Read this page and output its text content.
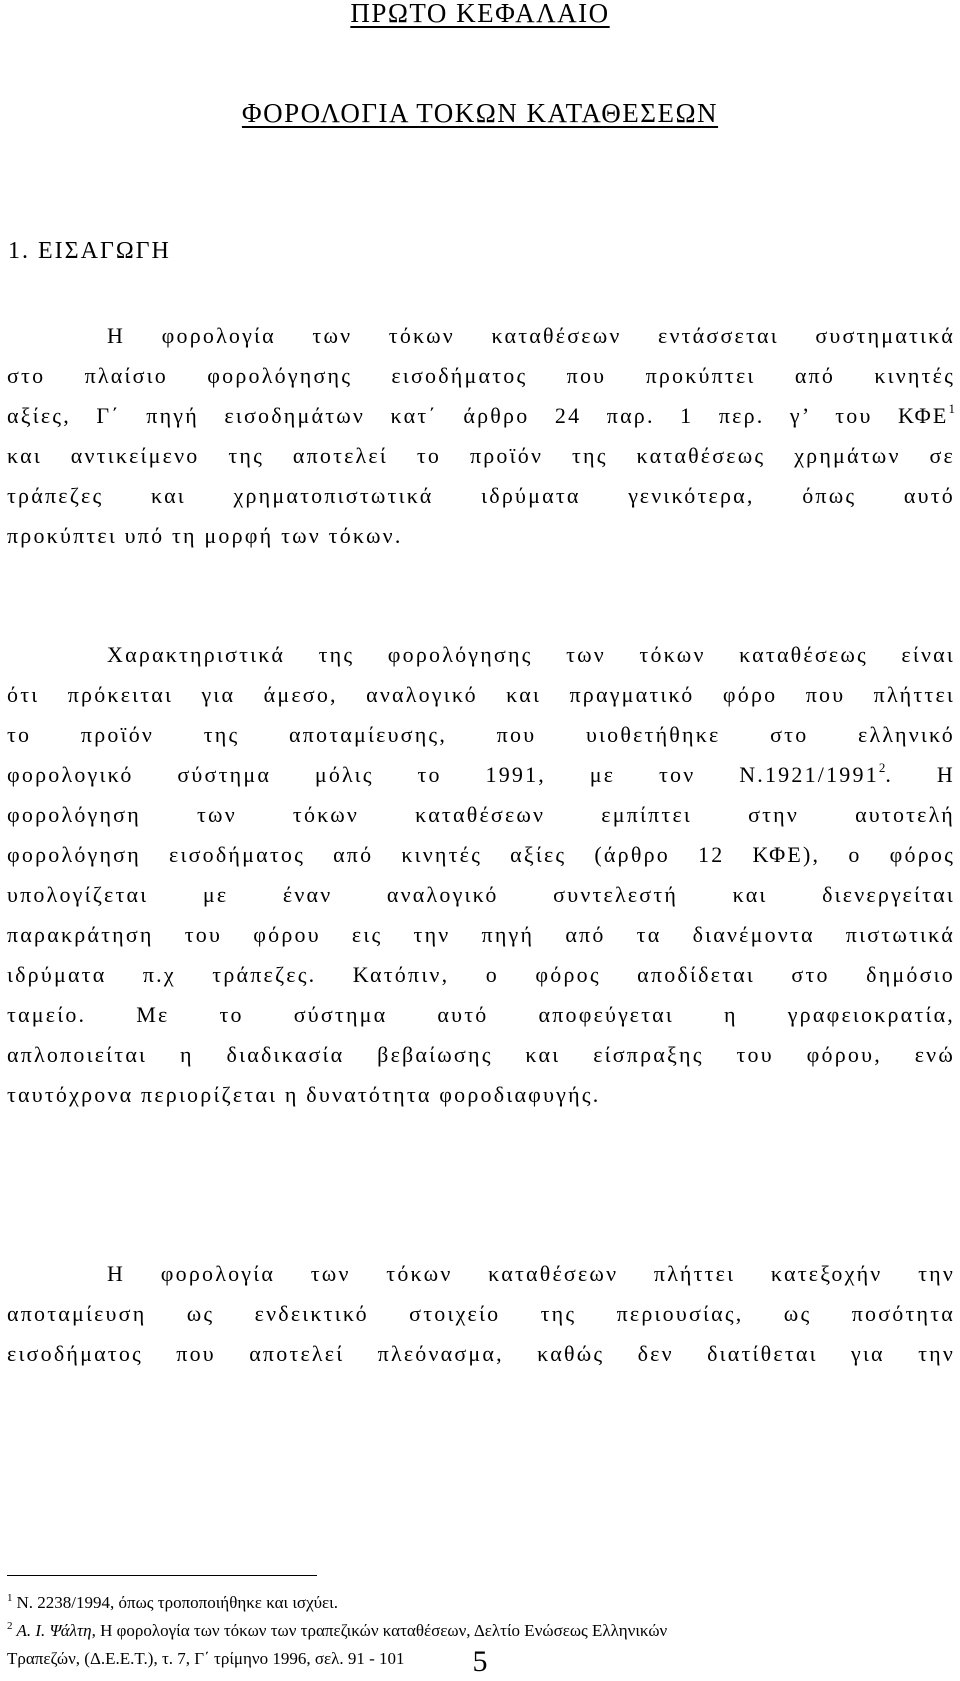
ΠΡΩΤΟ ΚΕΦΑΛΑΙΟ
ΦΟΡΟΛΟΓΙΑ ΤΟΚΩΝ ΚΑΤΑΘΕΣΕΩΝ
1. ΕΙΣΑΓΩΓΗ
Η φορολογία των τόκων καταθέσεων εντάσσεται συστηματικά
στο πλαίσιο φορολόγησης εισοδήματος που προκύπτει από κινητές
αξίες, Γ΄ πηγή εισοδημάτων κατ΄ άρθρο 24 παρ. 1 περ. γ’ του ΚΦΕ$^1$
και αντικείμενο της αποτελεί το προϊόν της καταθέσεως χρημάτων σε
τράπεζες και χρηματοπιστωτικά ιδρύματα γενικότερα, όπως αυτό
προκύπτει υπό τη μορφή των τόκων.
Χαρακτηριστικά της φορολόγησης των τόκων καταθέσεως είναι
ότι πρόκειται για άμεσο, αναλογικό και πραγματικό φόρο που πλήττει
το προϊόν της αποταμίευσης, που υιοθετήθηκε στο ελληνικό
φορολογικό σύστημα μόλις το 1991, με τον Ν.1921/1991$^2$. Η
φορολόγηση των τόκων καταθέσεων εμπίπτει στην αυτοτελή
φορολόγηση εισοδήματος από κινητές αξίες (άρθρο 12 ΚΦΕ), ο φόρος
υπολογίζεται με έναν αναλογικό συντελεστή και διενεργείται
παρακράτηση του φόρου εις την πηγή από τα διανέμοντα πιστωτικά
ιδρύματα π.χ τράπεζες. Κατόπιν, ο φόρος αποδίδεται στο δημόσιο
ταμείο. Με το σύστημα αυτό αποφεύγεται η γραφειοκρατία,
απλοποιείται η διαδικασία βεβαίωσης και είσπραξης του φόρου, ενώ
ταυτόχρονα περιορίζεται η δυνατότητα φοροδιαφυγής.
Η φορολογία των τόκων καταθέσεων πλήττει κατεξοχήν την
αποταμίευση ως ενδεικτικό στοιχείο της περιουσίας, ως ποσότητα
εισοδήματος που αποτελεί πλεόνασμα, καθώς δεν διατίθεται για την
$^1$ Ν. 2238/1994, όπως τροποποιήθηκε και ισχύει.
$^2$ Α. Ι. Ψάλτη, Η φορολογία των τόκων των τραπεζικών καταθέσεων, Δελτίο Ενώσεως Ελληνικών
Τραπεζών, (Δ.Ε.Ε.Τ.), τ. 7, Γ΄ τρίμηνο 1996, σελ. 91 - 101	5
